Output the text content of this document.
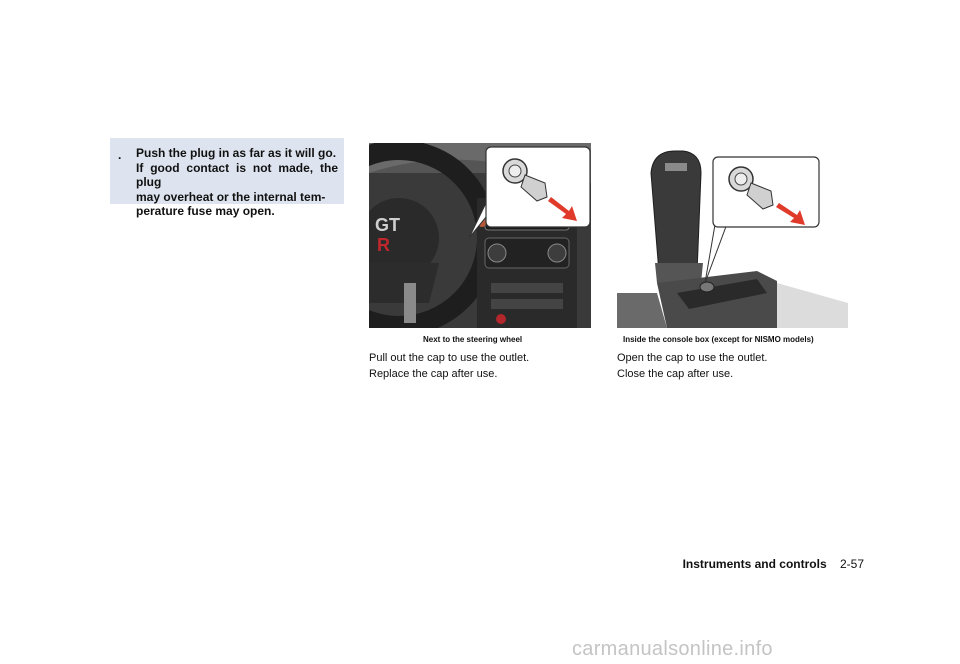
. Push the plug in as far as it will go.
If good contact is not made, the plug
may overheat or the internal tem-
perature fuse may open.

GT
R
Next to the steering wheel

Pull out the cap to use the outlet.
Replace the cap after use.

Inside the console box (except for NISMO models)

Open the cap to use the outlet.
Close the cap after use.

Instruments and controls 2-57
carmanualsonline.info
